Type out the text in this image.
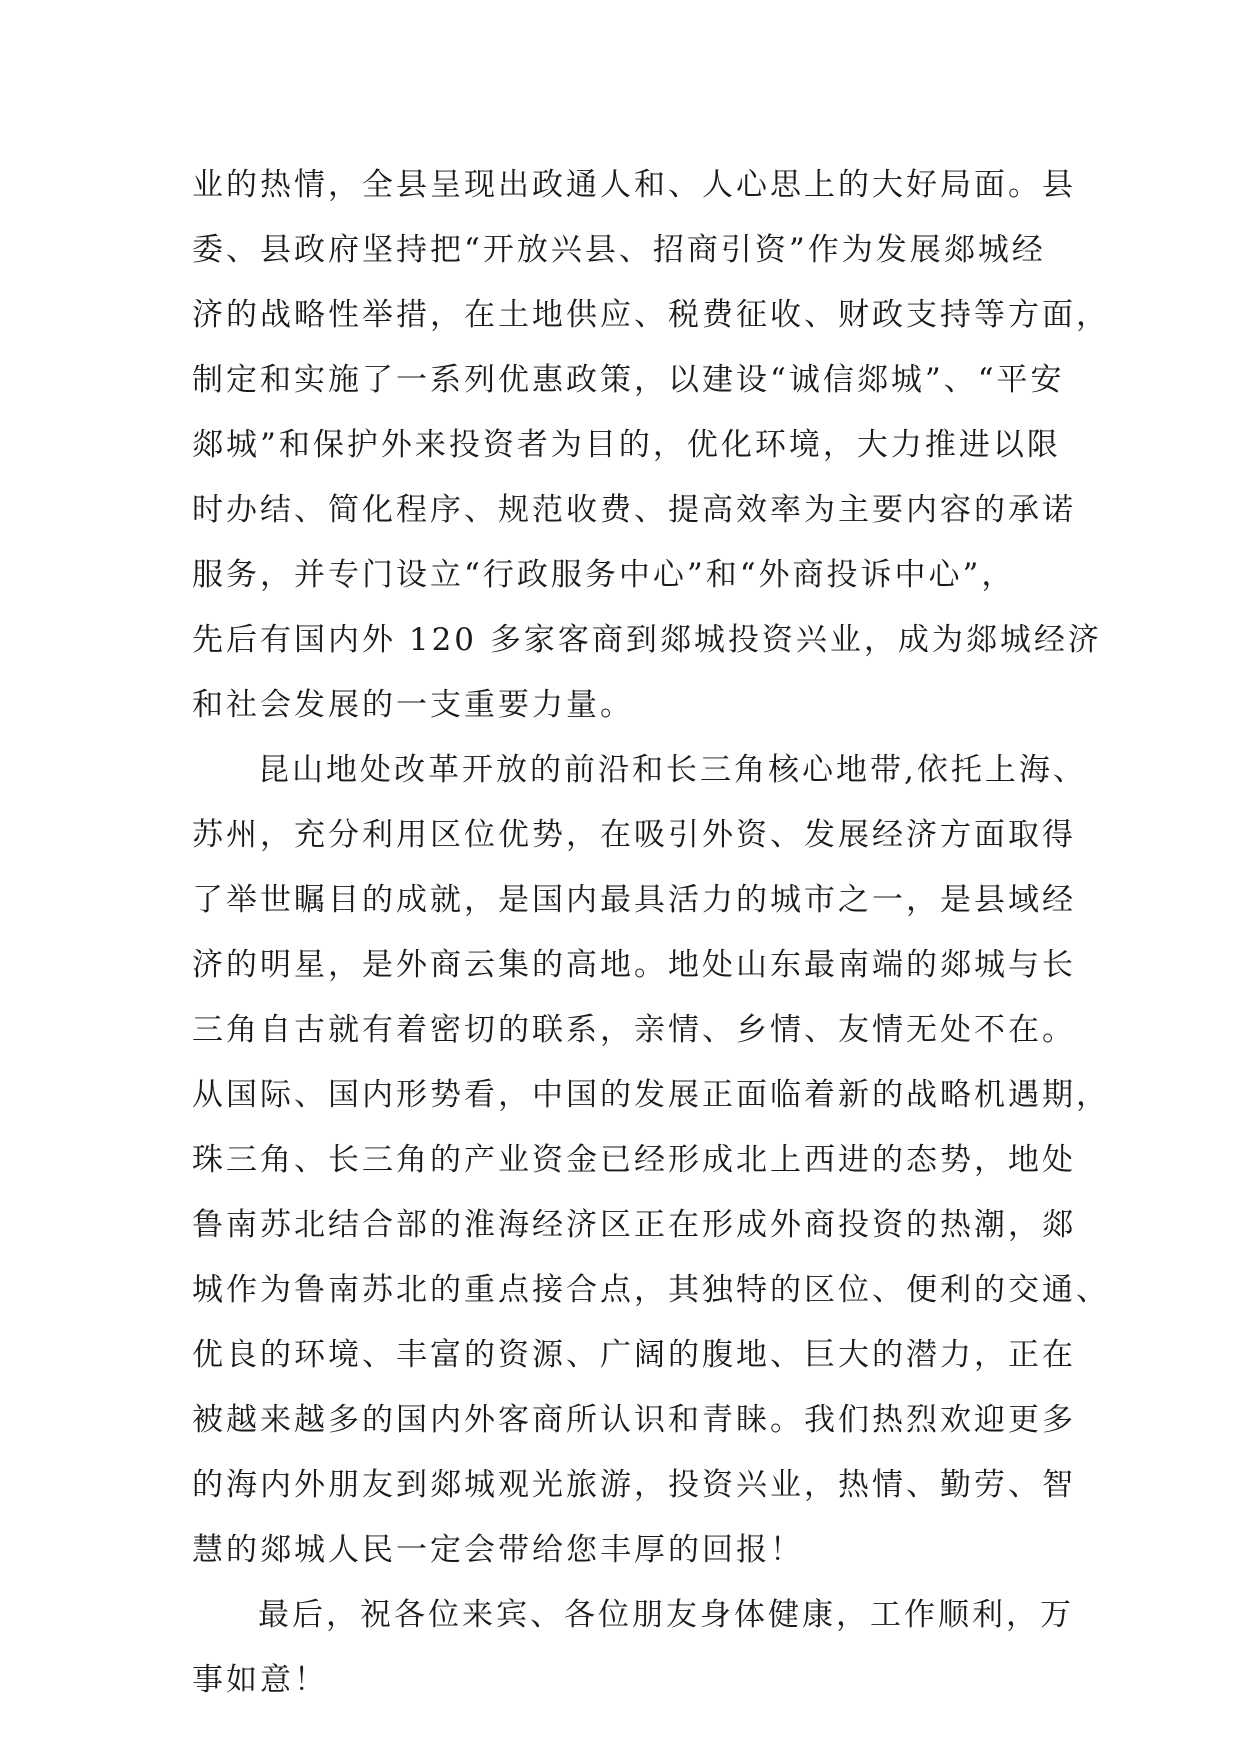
业的热情，全县呈现出政通人和、人心思上的大好局面。县
委、县政府坚持把“开放兴县、招商引资”作为发展郯城经
济的战略性举措，在土地供应、税费征收、财政支持等方面，
制定和实施了一系列优惠政策，以建设“诚信郯城”、“平安
郯城”和保护外来投资者为目的，优化环境，大力推进以限
时办结、简化程序、规范收费、提高效率为主要内容的承诺
服务，并专门设立“行政服务中心”和“外商投诉中心”，
先后有国内外 120 多家客商到郯城投资兴业，成为郯城经济
和社会发展的一支重要力量。
昆山地处改革开放的前沿和长三角核心地带,依托上海、
苏州，充分利用区位优势，在吸引外资、发展经济方面取得
了举世瞩目的成就，是国内最具活力的城市之一，是县域经
济的明星，是外商云集的高地。地处山东最南端的郯城与长
三角自古就有着密切的联系，亲情、乡情、友情无处不在。
从国际、国内形势看，中国的发展正面临着新的战略机遇期，
珠三角、长三角的产业资金已经形成北上西进的态势，地处
鲁南苏北结合部的淮海经济区正在形成外商投资的热潮，郯
城作为鲁南苏北的重点接合点，其独特的区位、便利的交通、
优良的环境、丰富的资源、广阔的腹地、巨大的潜力，正在
被越来越多的国内外客商所认识和青睐。我们热烈欢迎更多
的海内外朋友到郯城观光旅游，投资兴业，热情、勤劳、智
慧的郯城人民一定会带给您丰厚的回报！
最后，祝各位来宾、各位朋友身体健康，工作顺利，万
事如意！
